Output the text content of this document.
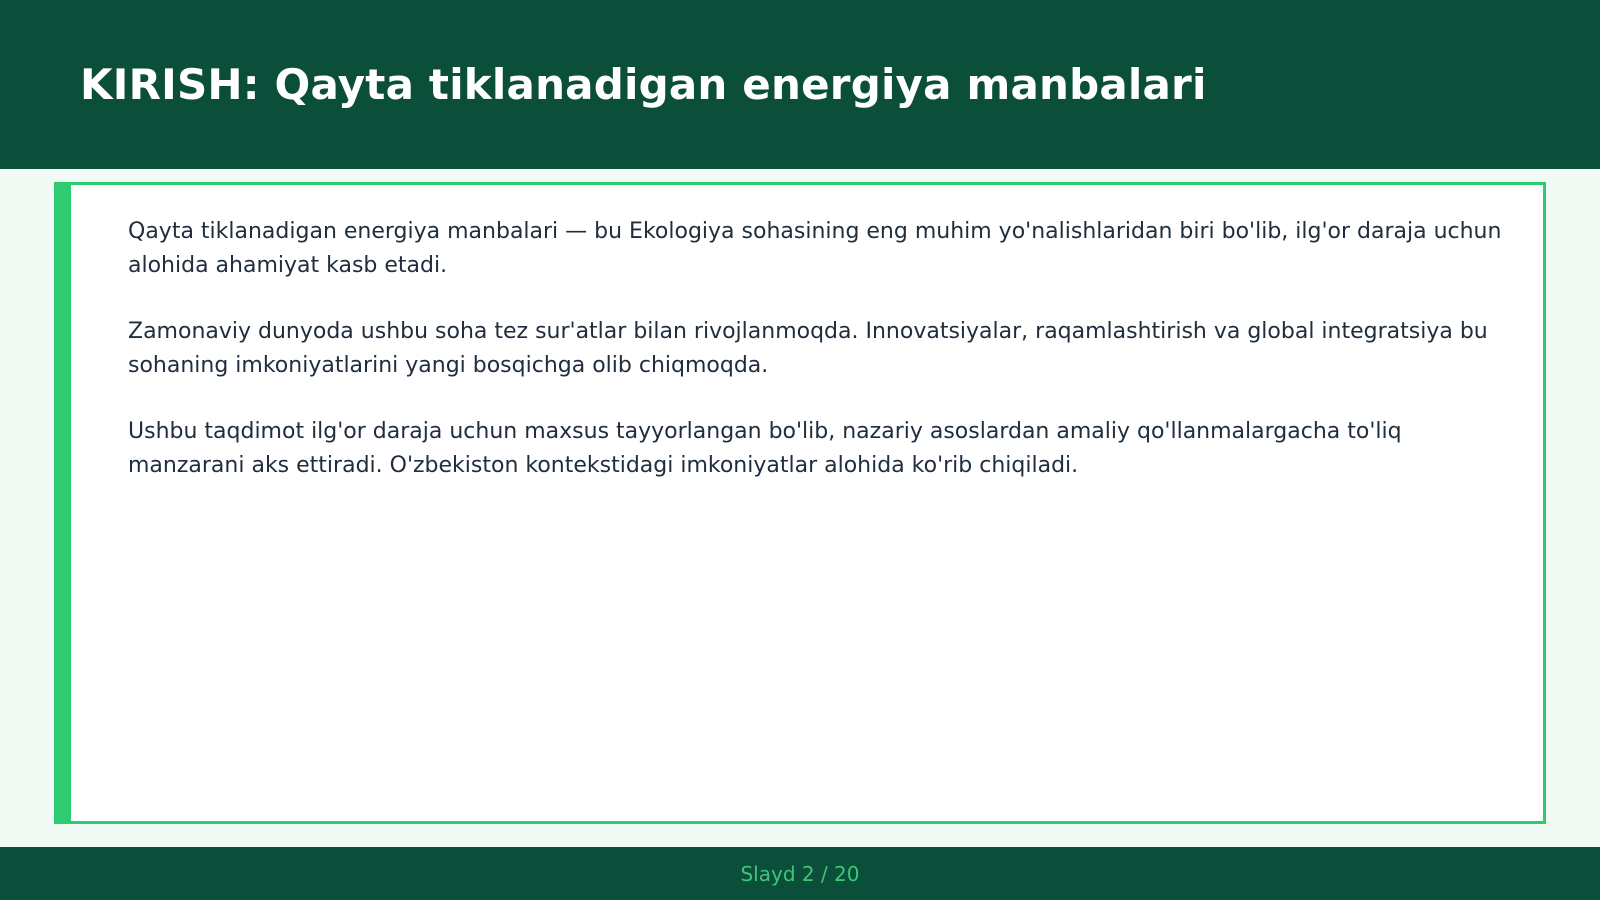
KIRISH: Qayta tiklanadigan energiya manbalari

Qayta tiklanadigan energiya manbalari — bu Ekologiya sohasining eng muhim yo'nalishlaridan biri bo'lib, ilg'or daraja uchun alohida ahamiyat kasb etadi.

Zamonaviy dunyoda ushbu soha tez sur'atlar bilan rivojlanmoqda. Innovatsiyalar, raqamlashtirish va global integratsiya bu sohaning imkoniyatlarini yangi bosqichga olib chiqmoqda.

Ushbu taqdimot ilg'or daraja uchun maxsus tayyorlangan bo'lib, nazariy asoslardan amaliy qo'llanmalargacha to'liq manzarani aks ettiradi. O'zbekiston kontekstidagi imkoniyatlar alohida ko'rib chiqiladi.

Slayd 2 / 20
